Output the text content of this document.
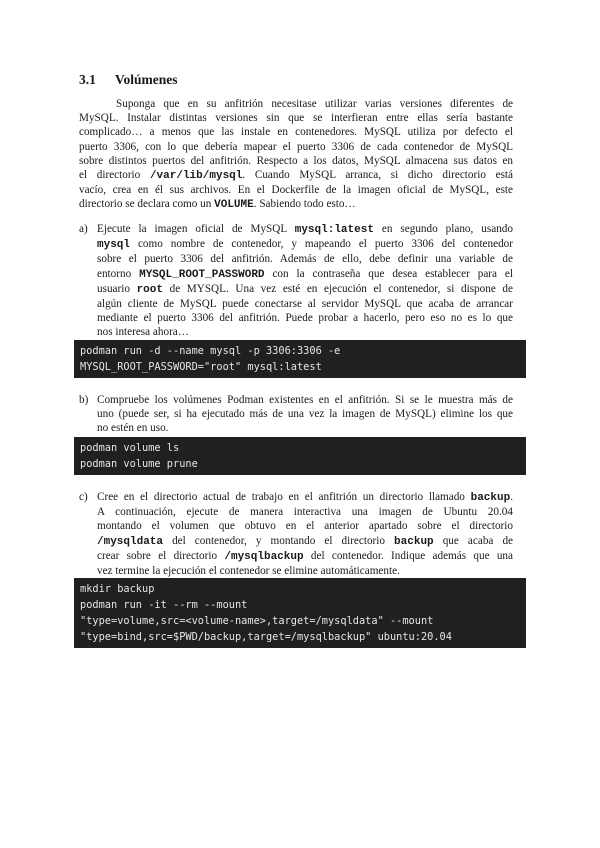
3.1 Volúmenes
Suponga que en su anfitrión necesitase utilizar varias versiones diferentes de
MySQL. Instalar distintas versiones sin que se interfieran entre ellas sería bastante
complicado… a menos que las instale en contenedores. MySQL utiliza por defecto el
puerto 3306, con lo que debería mapear el puerto 3306 de cada contenedor de MySQL
sobre distintos puertos del anfitrión. Respecto a los datos, MySQL almacena sus datos en
el directorio /var/lib/mysql. Cuando MySQL arranca, si dicho directorio está
vacío, crea en él sus archivos. En el Dockerfile de la imagen oficial de MySQL, este
directorio se declara como un VOLUME. Sabiendo todo esto…
a) Ejecute la imagen oficial de MySQL mysql:latest en segundo plano, usando
mysql como nombre de contenedor, y mapeando el puerto 3306 del contenedor
sobre el puerto 3306 del anfitrión. Además de ello, debe definir una variable de
entorno MYSQL_ROOT_PASSWORD con la contraseña que desea establecer para el
usuario root de MYSQL. Una vez esté en ejecución el contenedor, si dispone de
algún cliente de MySQL puede conectarse al servidor MySQL que acaba de arrancar
mediante el puerto 3306 del anfitrión. Puede probar a hacerlo, pero eso no es lo que
nos interesa ahora…
podman run -d --name mysql -p 3306:3306 -e
MYSQL_ROOT_PASSWORD="root" mysql:latest
b) Compruebe los volúmenes Podman existentes en el anfitrión. Si se le muestra más de
uno (puede ser, si ha ejecutado más de una vez la imagen de MySQL) elimine los que
no estén en uso.
podman volume ls
podman volume prune
c) Cree en el directorio actual de trabajo en el anfitrión un directorio llamado backup.
A continuación, ejecute de manera interactiva una imagen de Ubuntu 20.04
montando el volumen que obtuvo en el anterior apartado sobre el directorio
/mysqldata del contenedor, y montando el directorio backup que acaba de
crear sobre el directorio /mysqlbackup del contenedor. Indique además que una
vez termine la ejecución el contenedor se elimine automáticamente.
mkdir backup
podman run -it --rm --mount
"type=volume,src=<volume-name>,target=/mysqldata" --mount
"type=bind,src=$PWD/backup,target=/mysqlbackup" ubuntu:20.04
